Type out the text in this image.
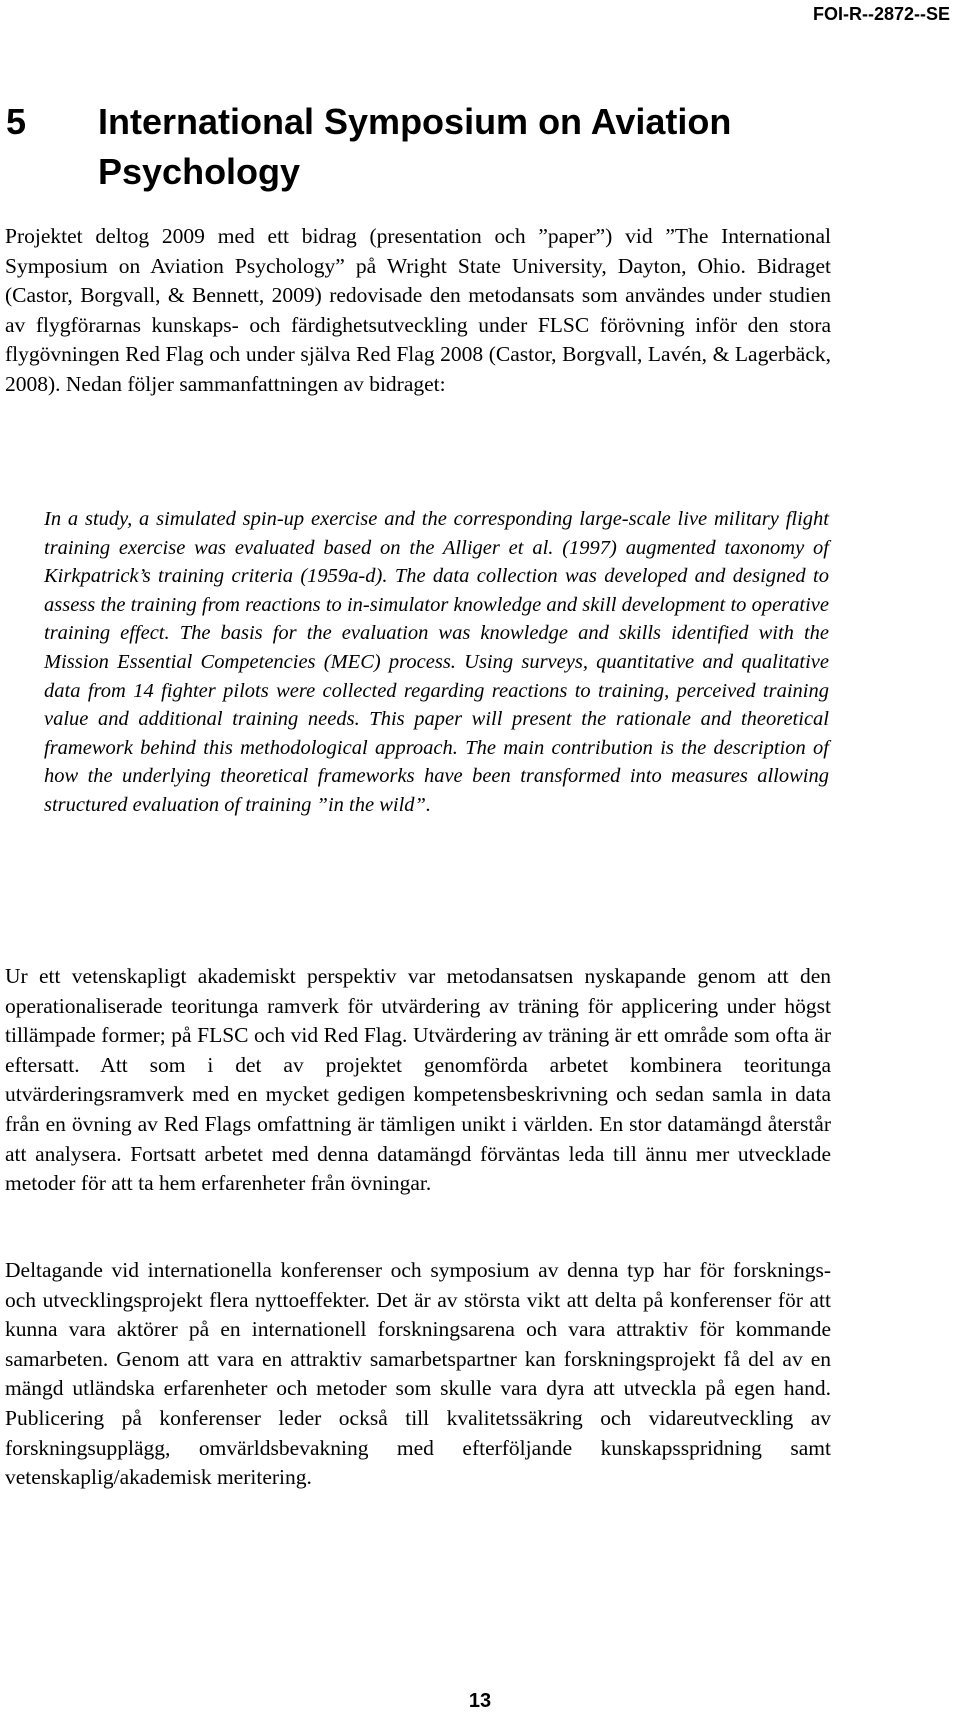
FOI-R--2872--SE
5 International Symposium on Aviation Psychology

Projektet deltog 2009 med ett bidrag (presentation och ”paper”) vid ”The International Symposium on Aviation Psychology” på Wright State University, Dayton, Ohio. Bidraget (Castor, Borgvall, & Bennett, 2009) redovisade den metodansats som användes under studien av flygförarnas kunskaps- och färdighetsutveckling under FLSC förövning inför den stora flygövningen Red Flag och under själva Red Flag 2008 (Castor, Borgvall, Lavén, & Lagerbäck, 2008). Nedan följer sammanfattningen av bidraget:

In a study, a simulated spin-up exercise and the corresponding large-scale live military flight training exercise was evaluated based on the Alliger et al. (1997) augmented taxonomy of Kirkpatrick’s training criteria (1959a-d). The data collection was developed and designed to assess the training from reactions to in-simulator knowledge and skill development to operative training effect. The basis for the evaluation was knowledge and skills identified with the Mission Essential Competencies (MEC) process. Using surveys, quantitative and qualitative data from 14 fighter pilots were collected regarding reactions to training, perceived training value and additional training needs. This paper will present the rationale and theoretical framework behind this methodological approach. The main contribution is the description of how the underlying theoretical frameworks have been transformed into measures allowing structured evaluation of training ”in the wild”.

Ur ett vetenskapligt akademiskt perspektiv var metodansatsen nyskapande genom att den operationaliserade teoritunga ramverk för utvärdering av träning för applicering under högst tillämpade former; på FLSC och vid Red Flag. Utvärdering av träning är ett område som ofta är eftersatt. Att som i det av projektet genomförda arbetet kombinera teoritunga utvärderingsramverk med en mycket gedigen kompetensbeskrivning och sedan samla in data från en övning av Red Flags omfattning är tämligen unikt i världen. En stor datamängd återstår att analysera. Fortsatt arbetet med denna datamängd förväntas leda till ännu mer utvecklade metoder för att ta hem erfarenheter från övningar.

Deltagande vid internationella konferenser och symposium av denna typ har för forsknings- och utvecklingsprojekt flera nyttoeffekter. Det är av största vikt att delta på konferenser för att kunna vara aktörer på en internationell forskningsarena och vara attraktiv för kommande samarbeten. Genom att vara en attraktiv samarbetspartner kan forskningsprojekt få del av en mängd utländska erfarenheter och metoder som skulle vara dyra att utveckla på egen hand. Publicering på konferenser leder också till kvalitetssäkring och vidareutveckling av forskningsupplägg, omvärldsbevakning med efterföljande kunskapsspridning samt vetenskaplig/akademisk meritering.

13
